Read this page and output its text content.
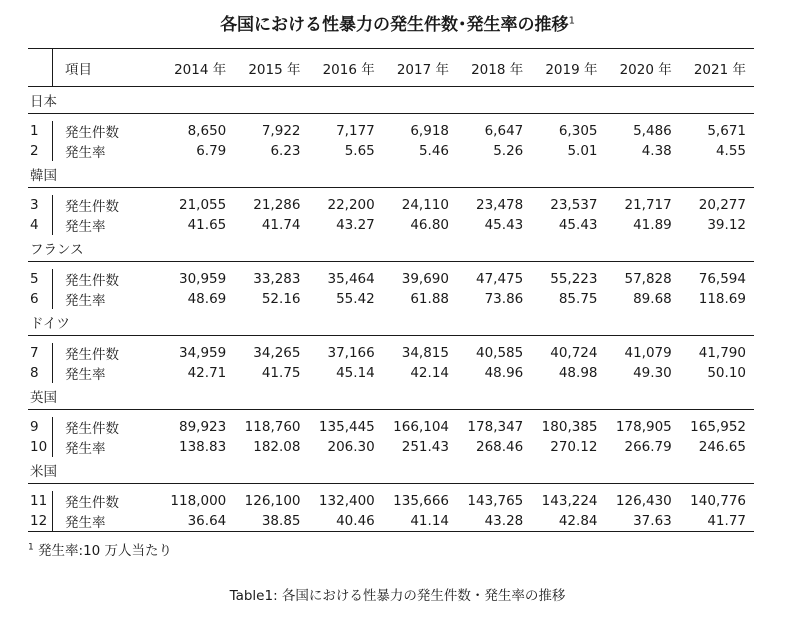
各国における性暴力の発生件数･発生率の推移$^1$
	項目	2014 年	2015 年	2016 年	2017 年	2018 年	2019 年	2020 年	2021 年
日本									

1	発生件数	8,650	7,922	7,177	6,918	6,647	6,305	5,486	5,671
2	発生率	6.79	6.23	5.65	5.46	5.26	5.01	4.38	4.55
韓国									

3	発生件数	21,055	21,286	22,200	24,110	23,478	23,537	21,717	20,277
4	発生率	41.65	41.74	43.27	46.80	45.43	45.43	41.89	39.12
フランス									

5	発生件数	30,959	33,283	35,464	39,690	47,475	55,223	57,828	76,594
6	発生率	48.69	52.16	55.42	61.88	73.86	85.75	89.68	118.69
ドイツ									

7	発生件数	34,959	34,265	37,166	34,815	40,585	40,724	41,079	41,790
8	発生率	42.71	41.75	45.14	42.14	48.96	48.98	49.30	50.10
英国									

9	発生件数	89,923	118,760	135,445	166,104	178,347	180,385	178,905	165,952
10	発生率	138.83	182.08	206.30	251.43	268.46	270.12	266.79	246.65
米国									

11	発生件数	118,000	126,100	132,400	135,666	143,765	143,224	126,430	140,776
12	発生率	36.64	38.85	40.46	41.14	43.28	42.84	37.63	41.77
$^1$ 発生率:10 万人当たり
Table1: 各国における性暴力の発生件数・発生率の推移
